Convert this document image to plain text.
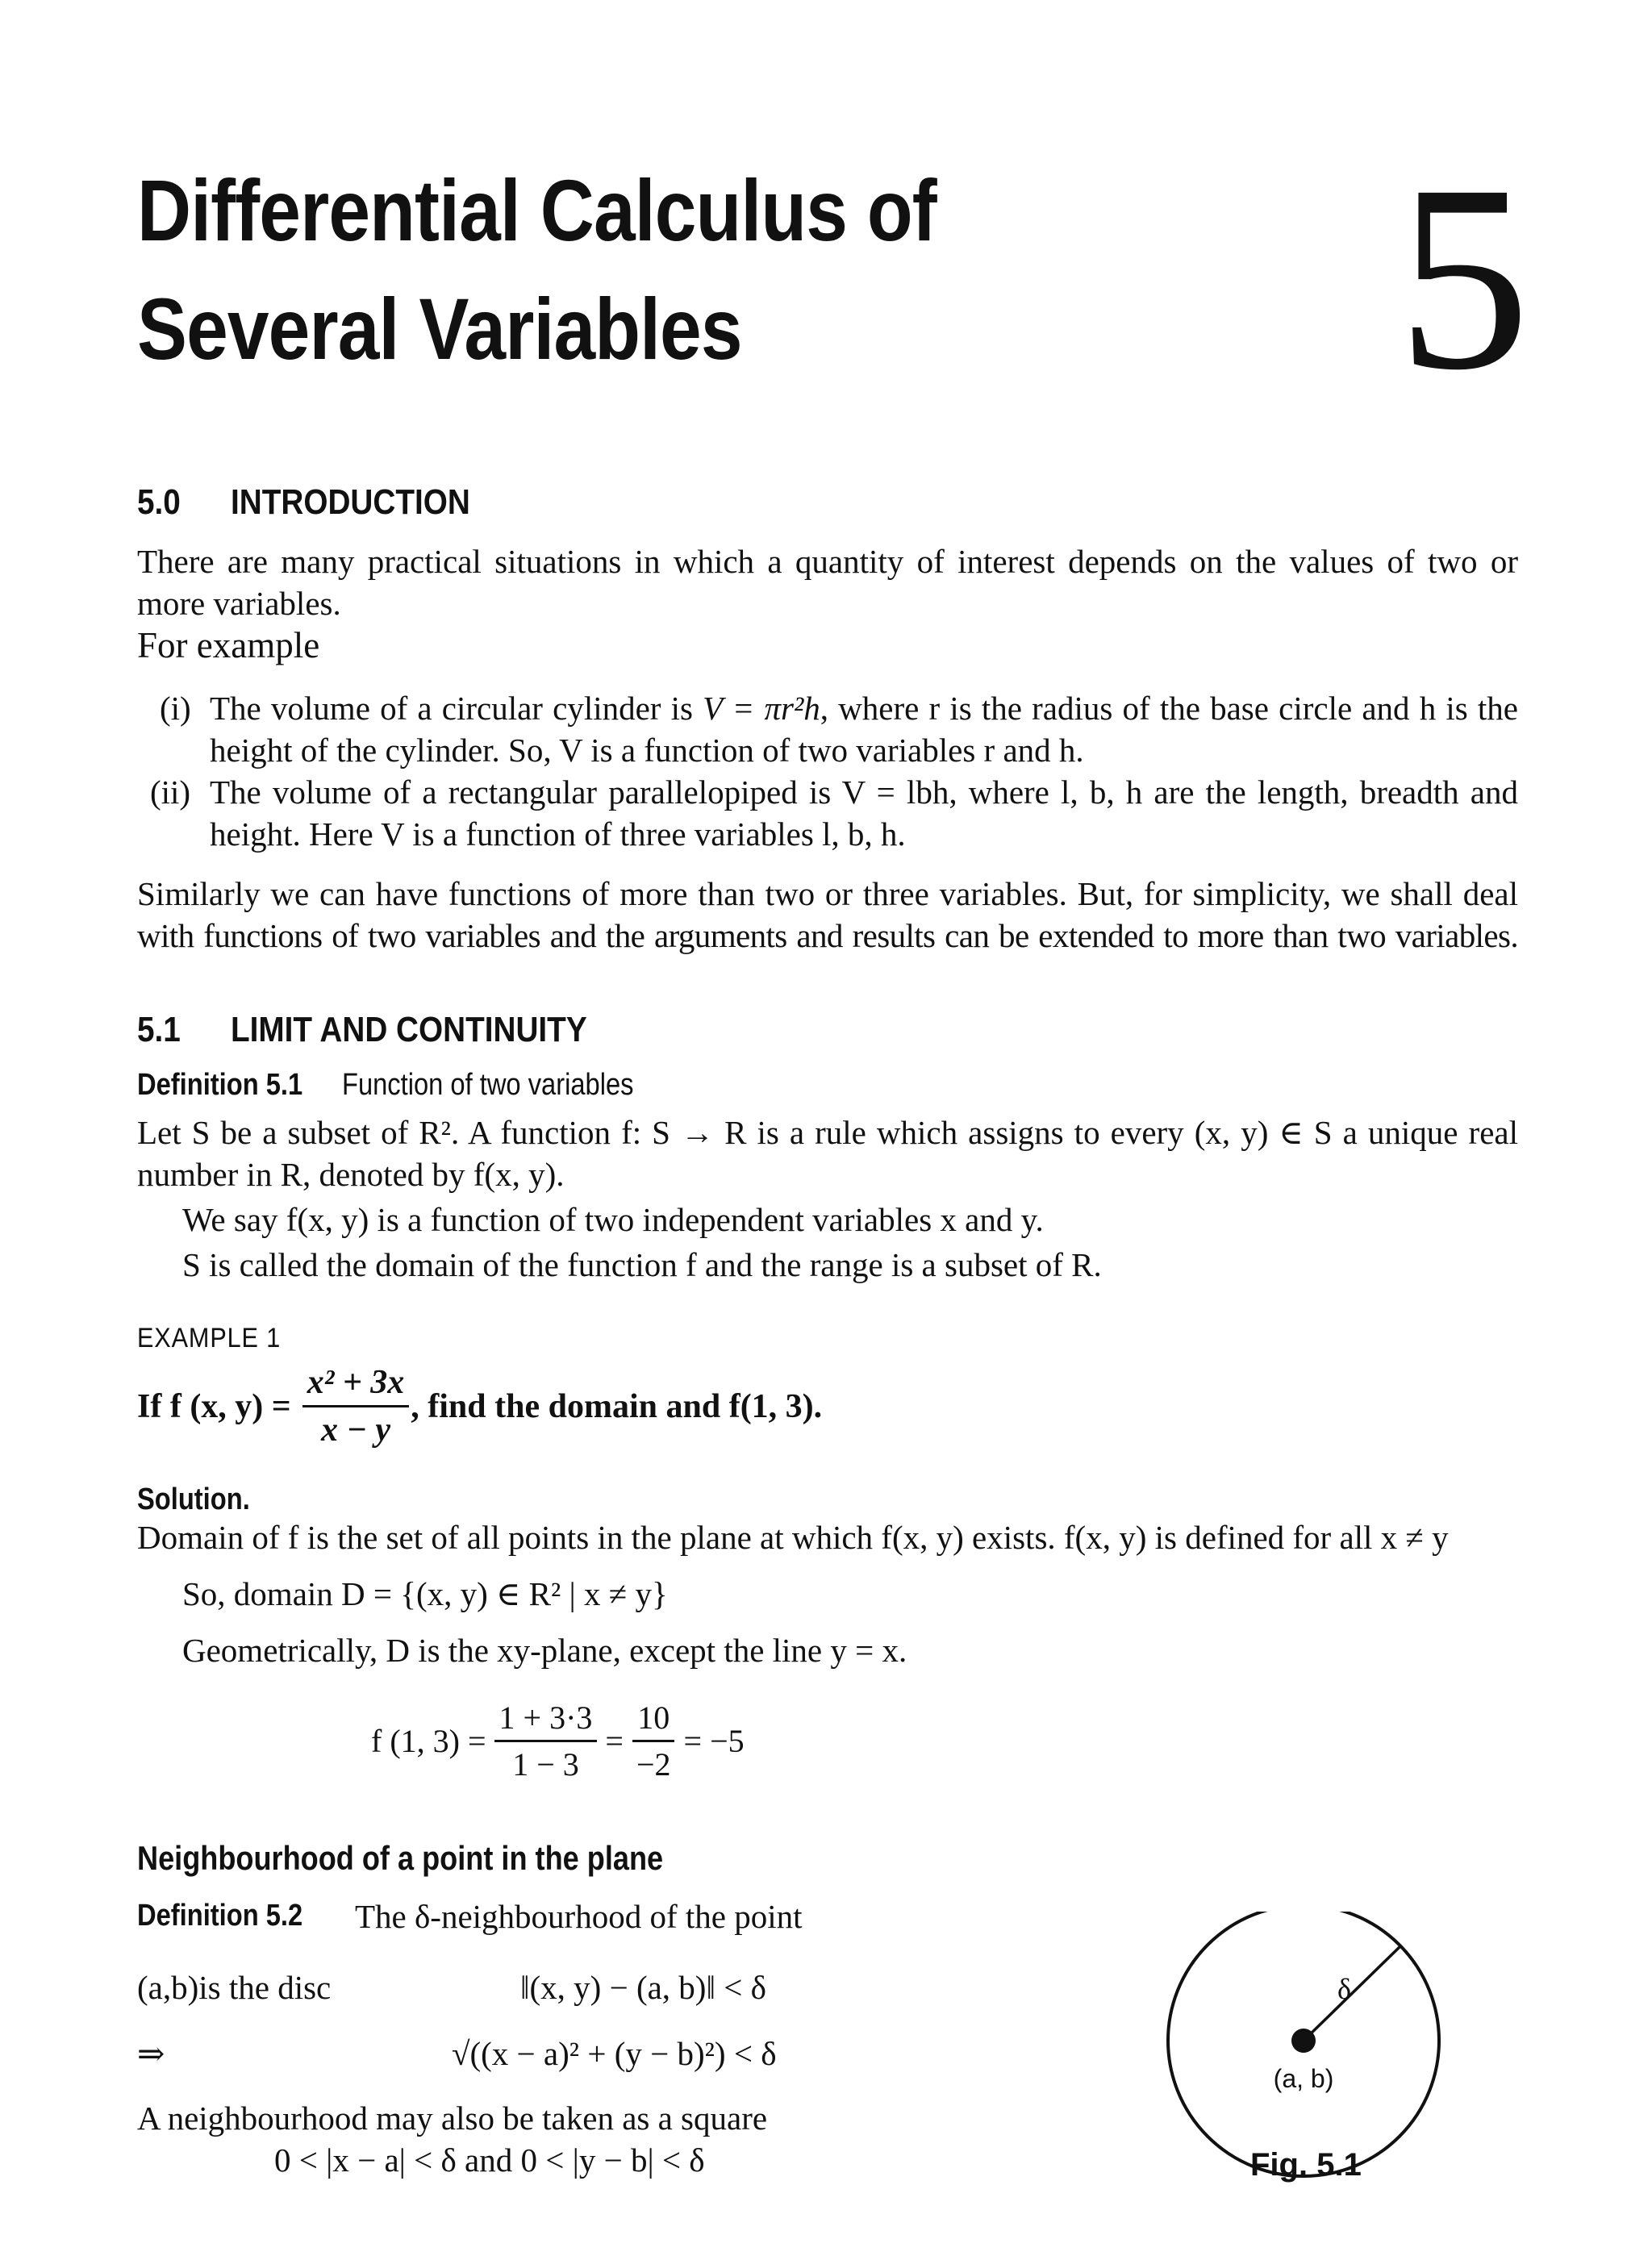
Differential Calculus of
Several Variables 5
5.0 INTRODUCTION
There are many practical situations in which a quantity of interest depends on the values of two or
more variables.
For example
(i) The volume of a circular cylinder is V = πr²h, where r is the radius of the base circle and h is the
height of the cylinder. So, V is a function of two variables r and h.
(ii) The volume of a rectangular parallelopiped is V = lbh, where l, b, h are the length, breadth and
height. Here V is a function of three variables l, b, h.
Similarly we can have functions of more than two or three variables. But, for simplicity, we shall deal
with functions of two variables and the arguments and results can be extended to more than two variables.
5.1 LIMIT AND CONTINUITY
Definition 5.1 Function of two variables
Let S be a subset of R². A function f: S → R is a rule which assigns to every (x, y) ∈ S a unique real
number in R, denoted by f(x, y).
We say f(x, y) is a function of two independent variables x and y.
S is called the domain of the function f and the range is a subset of R.
EXAMPLE 1
If f (x, $y) = \frac{\text{x² + 3x}}{x - y}$ , find the domain and f(1, 3).
Solution.
Domain of f is the set of all points in the plane at which f(x, y) exists. f(x, y) is defined for all x ≠ y
So, domain D = {(x, y) ∈ R² | x ≠ y}
Geometrically, D is the xy-plane, except the line y = x.
f (1, $3) = \frac{1 + 3\cdot 3}{1 - 3} = \frac{10}{-2} = -5$
Neighbourhood of a point in the plane
Definition 5.2 The δ-neighbourhood of the point
(a,b)is the disc	‖(x, y) − (a, b)‖ < δ
⇒	√((x − a)² + (y − b)²) < δ
A neighbourhood may also be taken as a square
0 < |x − a| < δ and 0 < |y − b| < δ
δ
(a, b)
Fig. 5.1
